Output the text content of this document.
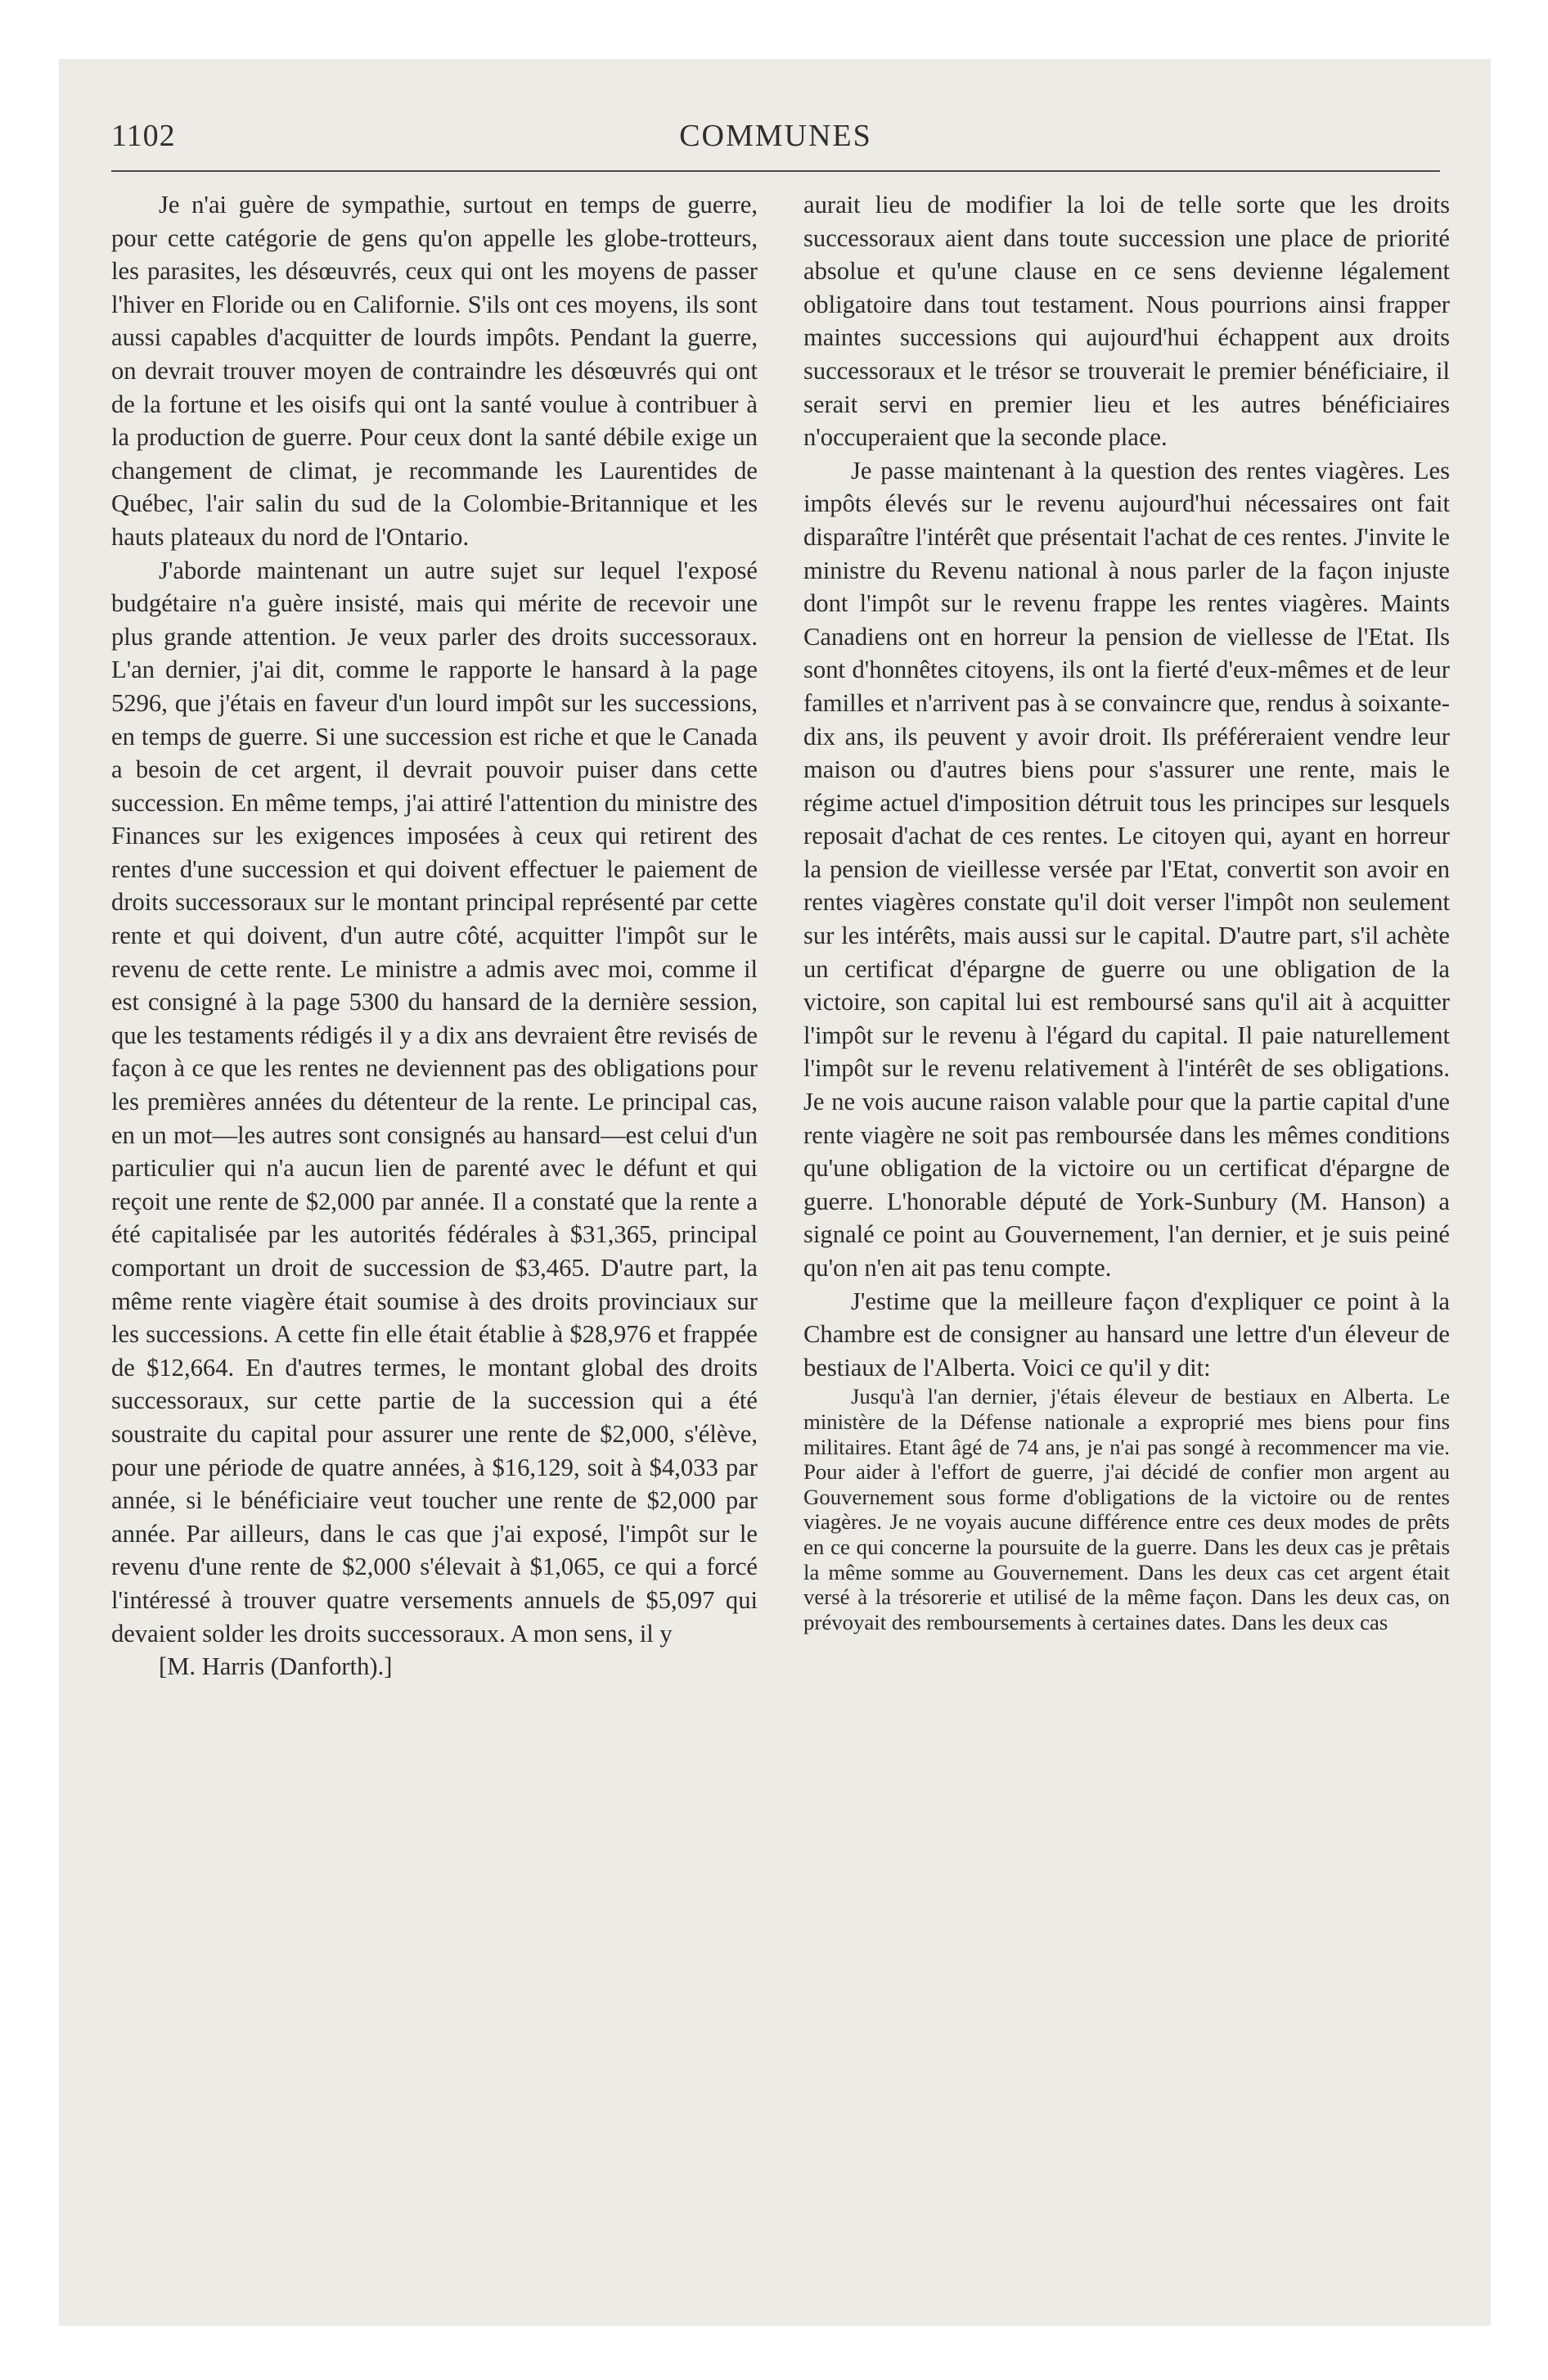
1102	COMMUNES

Je n'ai guère de sympathie, surtout en temps de guerre, pour cette catégorie de gens qu'on appelle les globe-trotteurs, les parasites, les désœuvrés, ceux qui ont les moyens de passer l'hiver en Floride ou en Californie. S'ils ont ces moyens, ils sont aussi capables d'acquitter de lourds impôts. Pendant la guerre, on devrait trouver moyen de contraindre les désœuvrés qui ont de la fortune et les oisifs qui ont la santé voulue à contribuer à la production de guerre. Pour ceux dont la santé débile exige un changement de climat, je recommande les Laurentides de Québec, l'air salin du sud de la Colombie-Britannique et les hauts plateaux du nord de l'Ontario.

J'aborde maintenant un autre sujet sur lequel l'exposé budgétaire n'a guère insisté, mais qui mérite de recevoir une plus grande attention. Je veux parler des droits successoraux. L'an dernier, j'ai dit, comme le rapporte le hansard à la page 5296, que j'étais en faveur d'un lourd impôt sur les successions, en temps de guerre. Si une succession est riche et que le Canada a besoin de cet argent, il devrait pouvoir puiser dans cette succession. En même temps, j'ai attiré l'attention du ministre des Finances sur les exigences imposées à ceux qui retirent des rentes d'une succession et qui doivent effectuer le paiement de droits successoraux sur le montant principal représenté par cette rente et qui doivent, d'un autre côté, acquitter l'impôt sur le revenu de cette rente. Le ministre a admis avec moi, comme il est consigné à la page 5300 du hansard de la dernière session, que les testaments rédigés il y a dix ans devraient être revisés de façon à ce que les rentes ne deviennent pas des obligations pour les premières années du détenteur de la rente. Le principal cas, en un mot—les autres sont consignés au hansard—est celui d'un particulier qui n'a aucun lien de parenté avec le défunt et qui reçoit une rente de $2,000 par année. Il a constaté que la rente a été capitalisée par les autorités fédérales à $31,365, principal comportant un droit de succession de $3,465. D'autre part, la même rente viagère était soumise à des droits provinciaux sur les successions. A cette fin elle était établie à $28,976 et frappée de $12,664. En d'autres termes, le montant global des droits successoraux, sur cette partie de la succession qui a été soustraite du capital pour assurer une rente de $2,000, s'élève, pour une période de quatre années, à $16,129, soit à $4,033 par année, si le bénéficiaire veut toucher une rente de $2,000 par année. Par ailleurs, dans le cas que j'ai exposé, l'impôt sur le revenu d'une rente de $2,000 s'élevait à $1,065, ce qui a forcé l'intéressé à trouver quatre versements annuels de $5,097 qui devaient solder les droits successoraux. A mon sens, il y

[M. Harris (Danforth).]

aurait lieu de modifier la loi de telle sorte que les droits successoraux aient dans toute succession une place de priorité absolue et qu'une clause en ce sens devienne légalement obligatoire dans tout testament. Nous pourrions ainsi frapper maintes successions qui aujourd'hui échappent aux droits successoraux et le trésor se trouverait le premier bénéficiaire, il serait servi en premier lieu et les autres bénéficiaires n'occuperaient que la seconde place.

Je passe maintenant à la question des rentes viagères. Les impôts élevés sur le revenu aujourd'hui nécessaires ont fait disparaître l'intérêt que présentait l'achat de ces rentes. J'invite le ministre du Revenu national à nous parler de la façon injuste dont l'impôt sur le revenu frappe les rentes viagères. Maints Canadiens ont en horreur la pension de viellesse de l'Etat. Ils sont d'honnêtes citoyens, ils ont la fierté d'eux-mêmes et de leur familles et n'arrivent pas à se convaincre que, rendus à soixante-dix ans, ils peuvent y avoir droit. Ils préféreraient vendre leur maison ou d'autres biens pour s'assurer une rente, mais le régime actuel d'imposition détruit tous les principes sur lesquels reposait d'achat de ces rentes. Le citoyen qui, ayant en horreur la pension de vieillesse versée par l'Etat, convertit son avoir en rentes viagères constate qu'il doit verser l'impôt non seulement sur les intérêts, mais aussi sur le capital. D'autre part, s'il achète un certificat d'épargne de guerre ou une obligation de la victoire, son capital lui est remboursé sans qu'il ait à acquitter l'impôt sur le revenu à l'égard du capital. Il paie naturellement l'impôt sur le revenu relativement à l'intérêt de ses obligations. Je ne vois aucune raison valable pour que la partie capital d'une rente viagère ne soit pas remboursée dans les mêmes conditions qu'une obligation de la victoire ou un certificat d'épargne de guerre. L'honorable député de York-Sunbury (M. Hanson) a signalé ce point au Gouvernement, l'an dernier, et je suis peiné qu'on n'en ait pas tenu compte.

J'estime que la meilleure façon d'expliquer ce point à la Chambre est de consigner au hansard une lettre d'un éleveur de bestiaux de l'Alberta. Voici ce qu'il y dit:

Jusqu'à l'an dernier, j'étais éleveur de bestiaux en Alberta. Le ministère de la Défense nationale a exproprié mes biens pour fins militaires. Etant âgé de 74 ans, je n'ai pas songé à recommencer ma vie. Pour aider à l'effort de guerre, j'ai décidé de confier mon argent au Gouvernement sous forme d'obligations de la victoire ou de rentes viagères. Je ne voyais aucune différence entre ces deux modes de prêts en ce qui concerne la poursuite de la guerre. Dans les deux cas je prêtais la même somme au Gouvernement. Dans les deux cas cet argent était versé à la trésorerie et utilisé de la même façon. Dans les deux cas, on prévoyait des remboursements à certaines dates. Dans les deux cas
